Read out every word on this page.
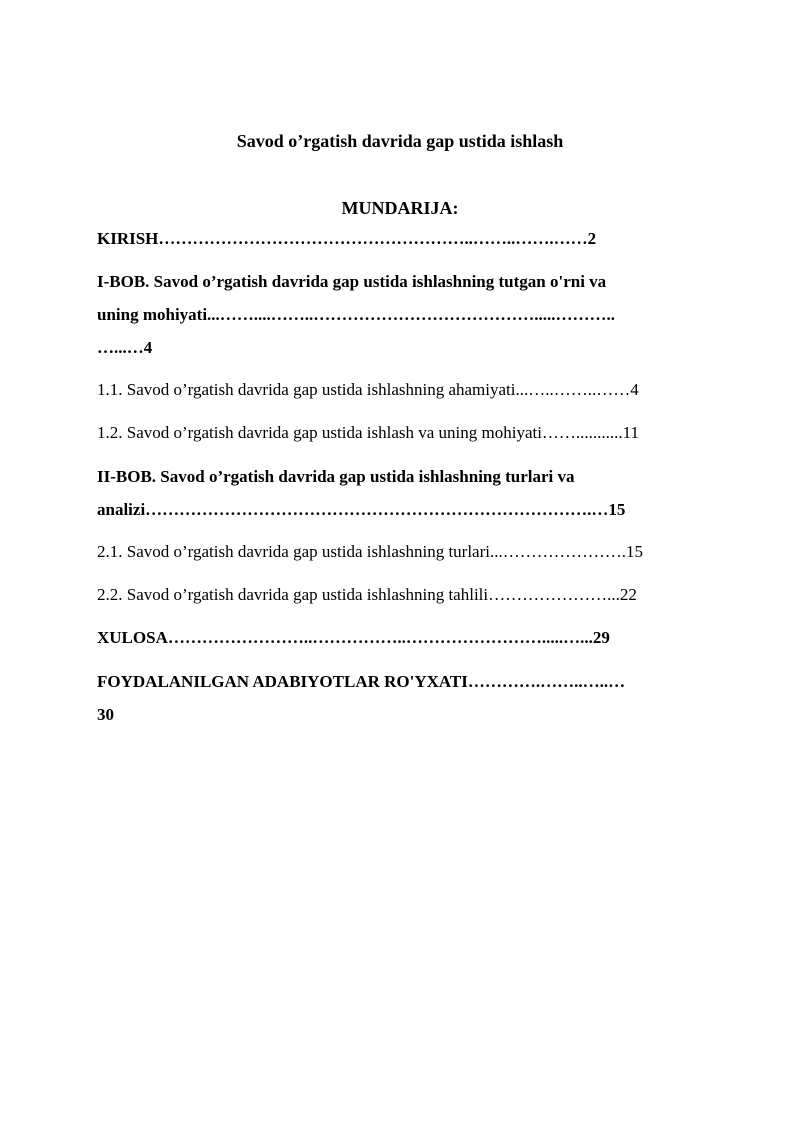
Savod o’rgatish davrida gap ustida ishlash
MUNDARIJA:
KIRISH………………………………………………..……..…….……2
I-BOB. Savod o’rgatish davrida gap ustida ishlashning tutgan o'rni va
uning mohiyati...……....……..………………………………….....………..
…...…4
1.1. Savod o’rgatish davrida gap ustida ishlashning ahamiyati...…..……..……4
1.2. Savod o’rgatish davrida gap ustida ishlash va uning mohiyati……...........11
II-BOB. Savod o’rgatish davrida gap ustida ishlashning turlari va
analizi…………………………………………………………………….…15
2.1. Savod o’rgatish davrida gap ustida ishlashning turlari...………………….15
2.2. Savod o’rgatish davrida gap ustida ishlashning tahlili…………………...22
XULOSA……………………..……………..…………………….....…...29
FOYDALANILGAN ADABIYOTLAR RO'YXATI………….……..…..…
30
